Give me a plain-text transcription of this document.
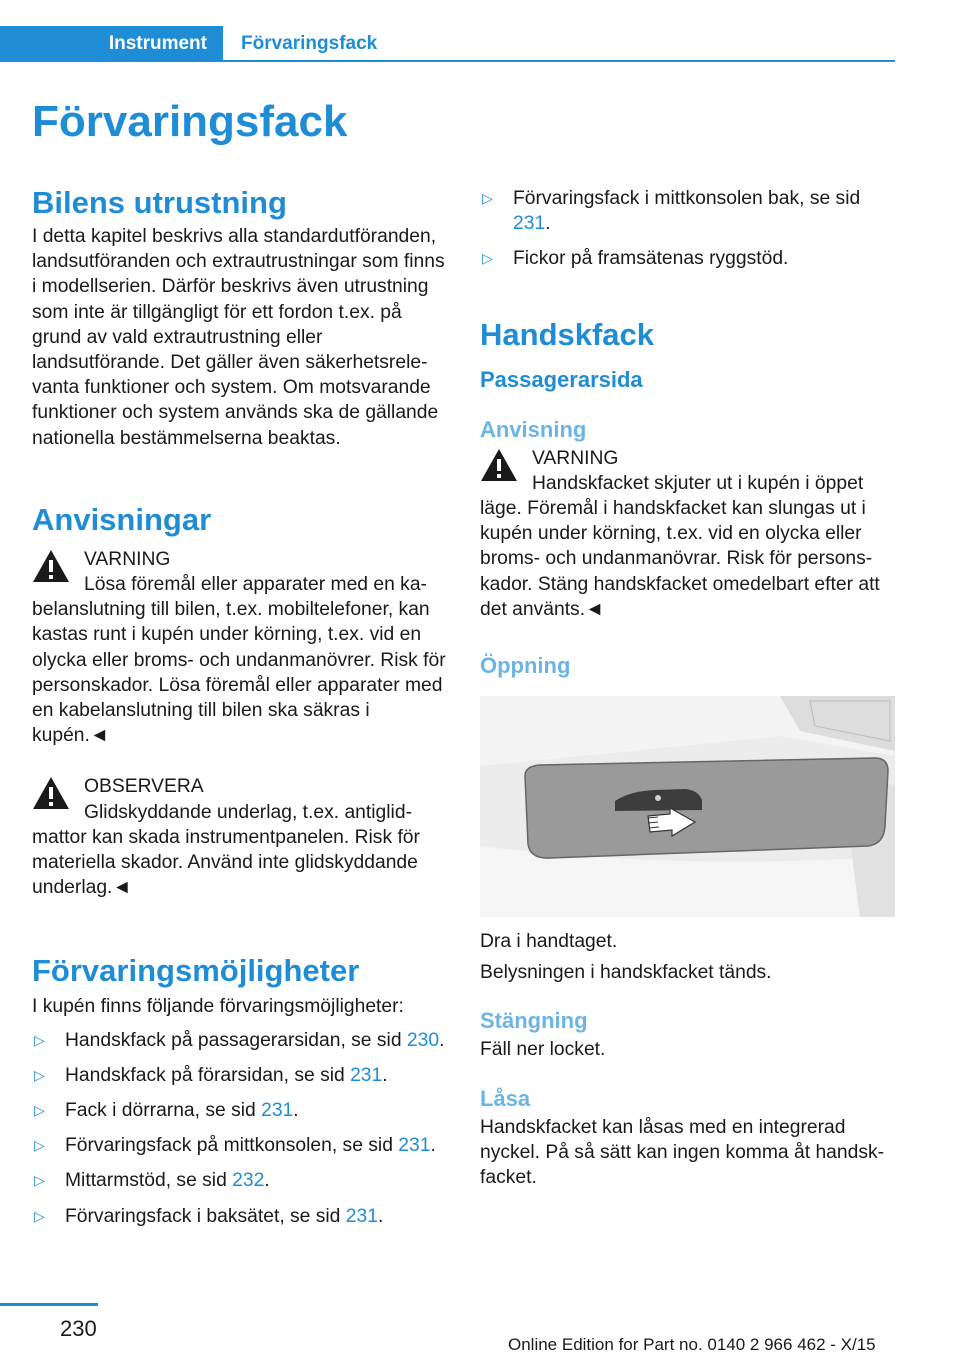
Instrument Förvaringsfack
Förvaringsfack
Bilens utrustning

I detta kapitel beskrivs alla standardutföranden, landsutföranden och extrautrustningar som finns i modellserien. Därför beskrivs även utrustning som inte är tillgängligt för ett fordon t.ex. på grund av vald extrautrustning eller landsutförande. Det gäller även säkerhetsrelevanta funktioner och system. Om motsvarande funktioner och system används ska de gällande nationella bestämmelserna beaktas.

Anvisningar

VARNING

Lösa föremål eller apparater med en kabelanslutning till bilen, t.ex. mobiltelefoner, kan kastas runt i kupén under körning, t.ex. vid en olycka eller broms- och undanmanövrer. Risk för personskador. Lösa föremål eller apparater med en kabelanslutning till bilen ska säkras i kupén.◄

OBSERVERA

Glidskyddande underlag, t.ex. antiglidmattor kan skada instrumentpanelen. Risk för materiella skador. Använd inte glidskyddande underlag.◄

Förvaringsmöjligheter

I kupén finns följande förvaringsmöjligheter:

▷ Handskfack på passagerarsidan, se sid 230.
▷ Handskfack på förarsidan, se sid 231.
▷ Fack i dörrarna, se sid 231.
▷ Förvaringsfack på mittkonsolen, se sid 231.
▷ Mittarmstöd, se sid 232.
▷ Förvaringsfack i baksätet, se sid 231.
▷ Förvaringsfack i mittkonsolen bak, se sid 231.
▷ Fickor på framsätenas ryggstöd.
Handskfack
Passagerarsida
Anvisning

VARNING

Handskfacket skjuter ut i kupén i öppet läge. Föremål i handskfacket kan slungas ut i kupén under körning, t.ex. vid en olycka eller broms- och undanmanövrar. Risk för personskador. Stäng handskfacket omedelbart efter att det använts.◄

Öppning

Dra i handtaget.

Belysningen i handskfacket tänds.

Stängning

Fäll ner locket.

Låsa

Handskfacket kan låsas med en integrerad nyckel. På så sätt kan ingen komma åt handskfacket.

230
Online Edition for Part no. 0140 2 966 462 - X/15
